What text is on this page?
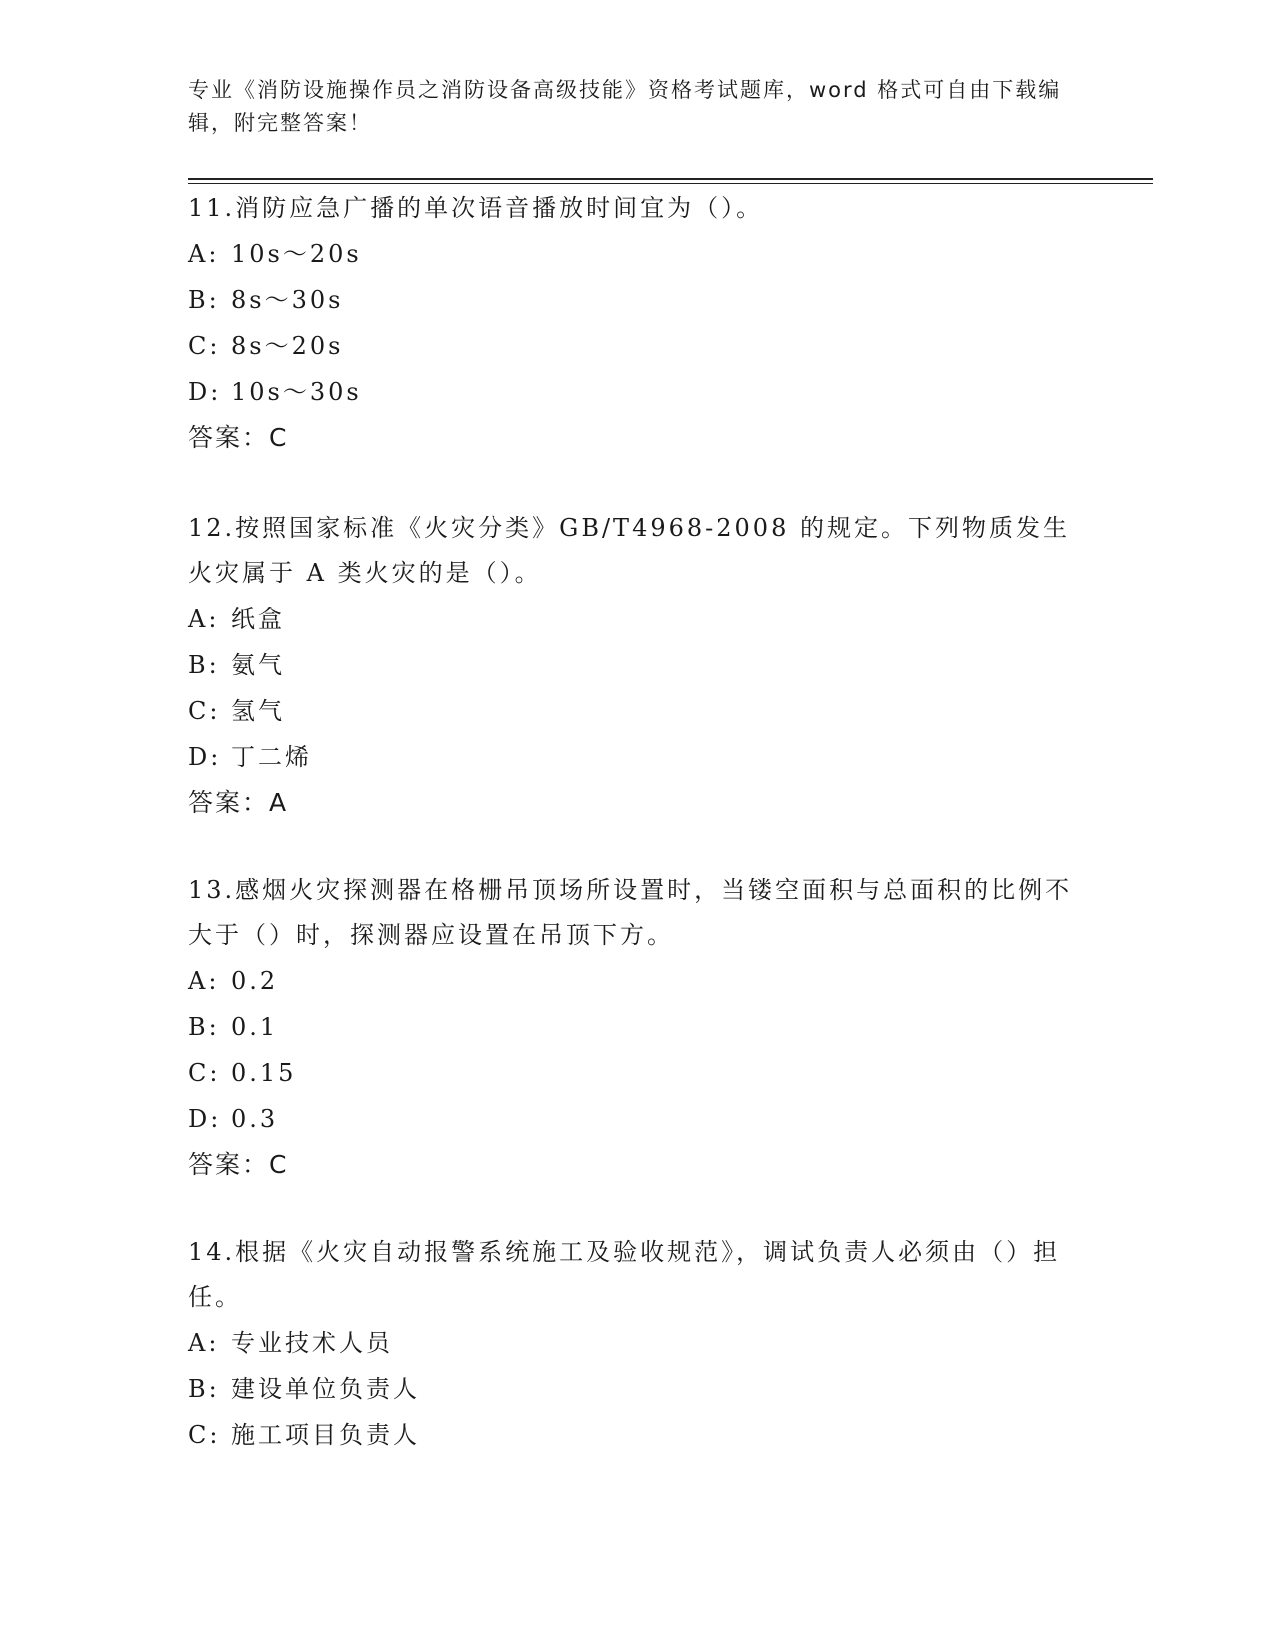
专业《消防设施操作员之消防设备高级技能》资格考试题库，word 格式可自由下载编辑，附完整答案！
11.消防应急广播的单次语音播放时间宜为（）。
A: 10s～20s
B: 8s～30s
C: 8s～20s
D: 10s～30s
答案：C
12.按照国家标准《火灾分类》GB/T4968-2008 的规定。下列物质发生火灾属于 A 类火灾的是（）。
A: 纸盒
B: 氨气
C: 氢气
D: 丁二烯
答案：A
13.感烟火灾探测器在格栅吊顶场所设置时，当镂空面积与总面积的比例不大于（）时，探测器应设置在吊顶下方。
A: 0.2
B: 0.1
C: 0.15
D: 0.3
答案：C
14.根据《火灾自动报警系统施工及验收规范》，调试负责人必须由（）担任。
A: 专业技术人员
B: 建设单位负责人
C: 施工项目负责人
